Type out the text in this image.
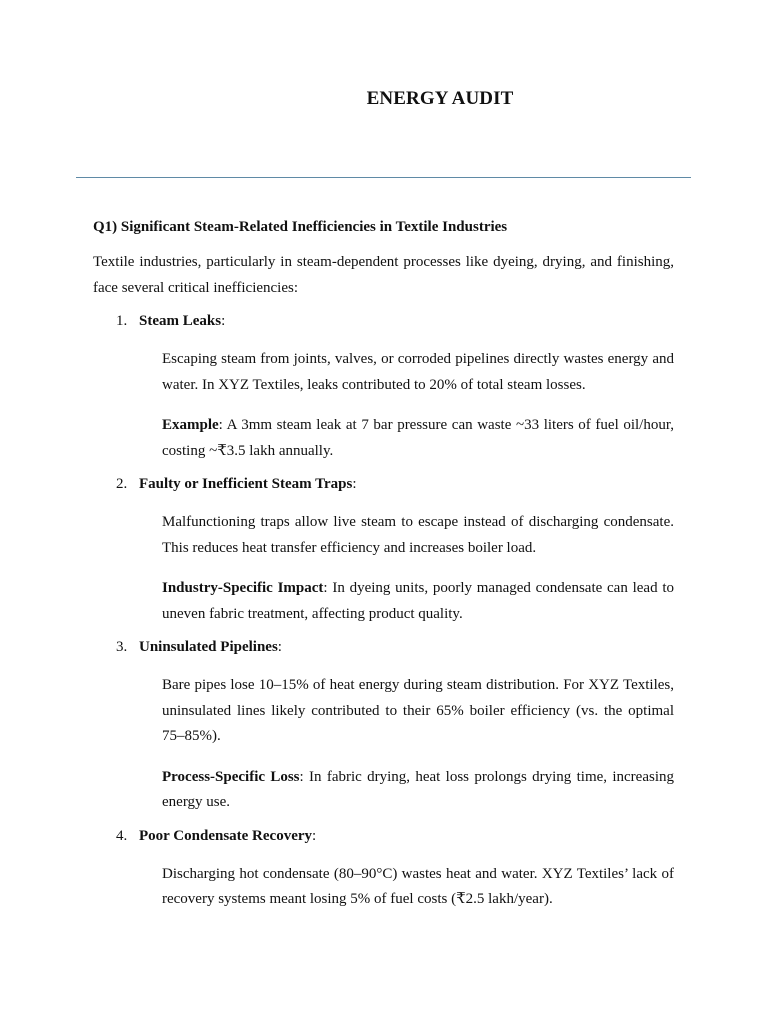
ENERGY AUDIT

Q1) Significant Steam-Related Inefficiencies in Textile Industries

Textile industries, particularly in steam-dependent processes like dyeing, drying, and finishing, face several critical inefficiencies:

1. Steam Leaks:

Escaping steam from joints, valves, or corroded pipelines directly wastes energy and water. In XYZ Textiles, leaks contributed to 20% of total steam losses.

Example: A 3mm steam leak at 7 bar pressure can waste ~33 liters of fuel oil/hour, costing ~₹3.5 lakh annually.

2. Faulty or Inefficient Steam Traps:

Malfunctioning traps allow live steam to escape instead of discharging condensate. This reduces heat transfer efficiency and increases boiler load.

Industry-Specific Impact: In dyeing units, poorly managed condensate can lead to uneven fabric treatment, affecting product quality.

3. Uninsulated Pipelines:

Bare pipes lose 10–15% of heat energy during steam distribution. For XYZ Textiles, uninsulated lines likely contributed to their 65% boiler efficiency (vs. the optimal 75–85%).

Process-Specific Loss: In fabric drying, heat loss prolongs drying time, increasing energy use.

4. Poor Condensate Recovery:

Discharging hot condensate (80–90°C) wastes heat and water. XYZ Textiles’ lack of recovery systems meant losing 5% of fuel costs (₹2.5 lakh/year).
